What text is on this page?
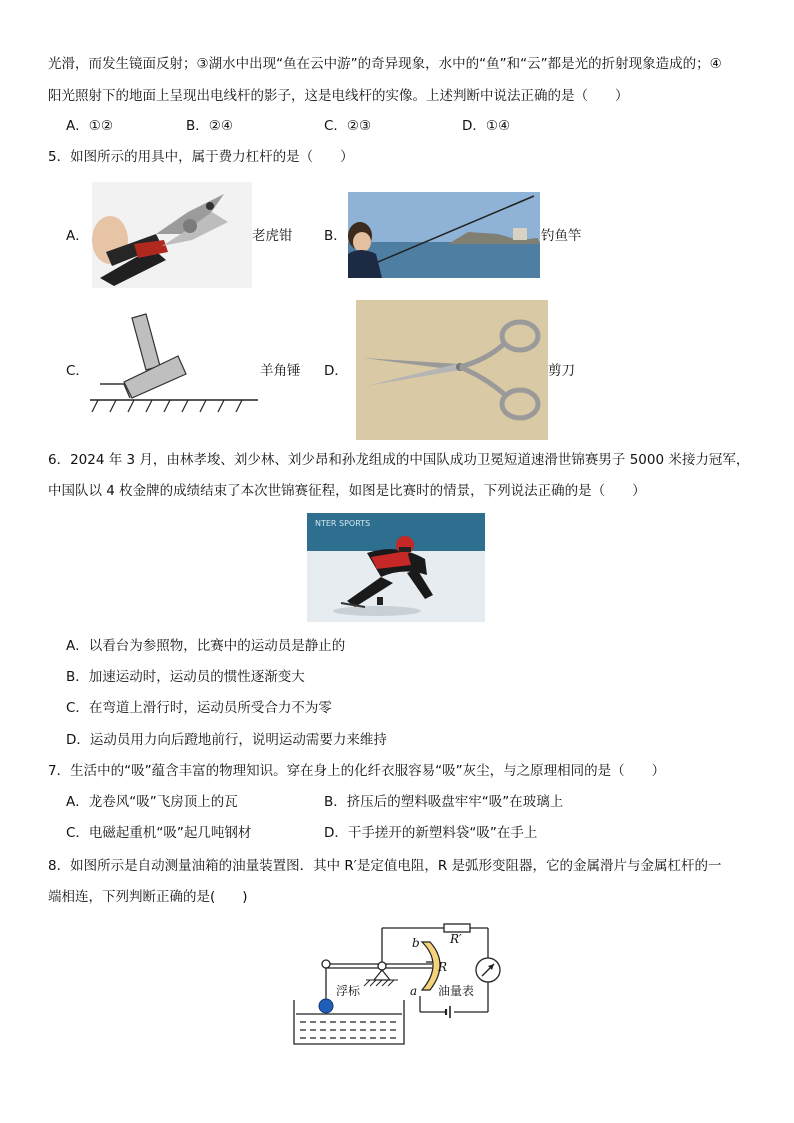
光滑，而发生镜面反射；③湖水中出现“鱼在云中游”的奇异现象，水中的“鱼”和“云”都是光的折射现象造成的；④
阳光照射下的地面上呈现出电线杆的影子，这是电线杆的实像。上述判断中说法正确的是（　　）
A．①②	B．②④	C．②③	D．①④
5．如图所示的用具中，属于费力杠杆的是（　　）
A．	老虎钳 B．	钓鱼竿
C．	羊角锤 D．	剪刀
6．2024 年 3 月，由林孝埈、刘少林、刘少昂和孙龙组成的中国队成功卫冕短道速滑世锦赛男子 5000 米接力冠军，
中国队以 4 枚金牌的成绩结束了本次世锦赛征程，如图是比赛时的情景，下列说法正确的是（　　）
NTER SPORTS
A．以看台为参照物，比赛中的运动员是静止的
B．加速运动时，运动员的惯性逐渐变大
C．在弯道上滑行时，运动员所受合力不为零
D．运动员用力向后蹬地前行，说明运动需要力来维持
7．生活中的“吸”蕴含丰富的物理知识。穿在身上的化纤衣服容易“吸”灰尘，与之原理相同的是（　　）
A．龙卷风“吸”飞房顶上的瓦	B．挤压后的塑料吸盘牢牢“吸”在玻璃上
C．电磁起重机“吸”起几吨钢材	D．干手搓开的新塑料袋“吸”在手上
8．如图所示是自动测量油箱的油量装置图．其中 R′是定值电阻，R 是弧形变阻器，它的金属滑片与金属杠杆的一
端相连，下列判断正确的是(　　)
b
a
R
R′
浮标	油量表
